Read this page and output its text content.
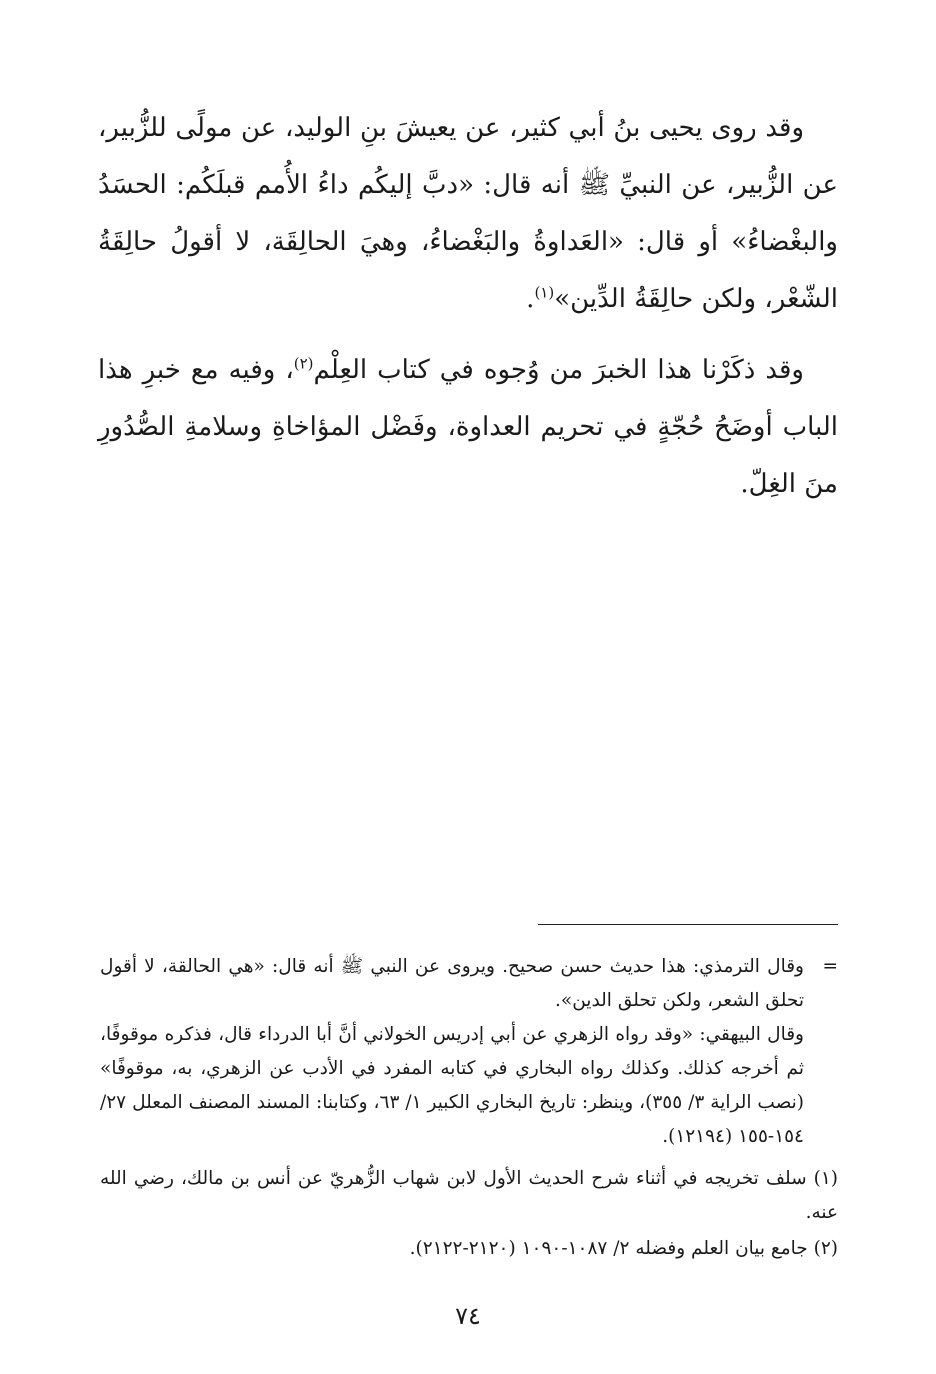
وقد روى يحيى بنُ أبي كثير، عن يعيشَ بنِ الوليد، عن مولًى للزُّبير، عن الزُّبير، عن النبيِّ ﷺ أنه قال: «دبَّ إليكُم داءُ الأُمم قبلَكُم: الحسَدُ والبغْضاءُ» أو قال: «العَداوةُ والبَغْضاءُ، وهيَ الحالِقَة، لا أقولُ حالِقَةُ الشّعْر، ولكن حالِقَةُ الدِّين»$^{(١)}$.

وقد ذكَرْنا هذا الخبرَ من وُجوه في كتاب العِلْم$^{(٢)}$، وفيه مع خبرِ هذا الباب أوضَحُ حُجّةٍ في تحريم العداوة، وفَضْل المؤاخاةِ وسلامةِ الصُّدُورِ منَ الغِلّ.

=
وقال الترمذي: هذا حديث حسن صحيح. ويروى عن النبي ﷺ أنه قال: «هي الحالقة، لا أقول تحلق الشعر، ولكن تحلق الدين».

وقال البيهقي: «وقد رواه الزهري عن أبي إدريس الخولاني أنَّ أبا الدرداء قال، فذكره موقوفًا، ثم أخرجه كذلك. وكذلك رواه البخاري في كتابه المفرد في الأدب عن الزهري، به، موقوفًا» (نصب الراية ٣/ ٣٥٥)، وينظر: تاريخ البخاري الكبير ١/ ٦٣، وكتابنا: المسند المصنف المعلل ٢٧/ ١٥٤-١٥٥ (١٢١٩٤).

(١) سلف تخريجه في أثناء شرح الحديث الأول لابن شهاب الزُّهريّ عن أنس بن مالك، رضي الله عنه.

(٢) جامع بيان العلم وفضله ٢/ ١٠٨٧-١٠٩٠ (٢١٢٠-٢١٢٢).

٧٤
